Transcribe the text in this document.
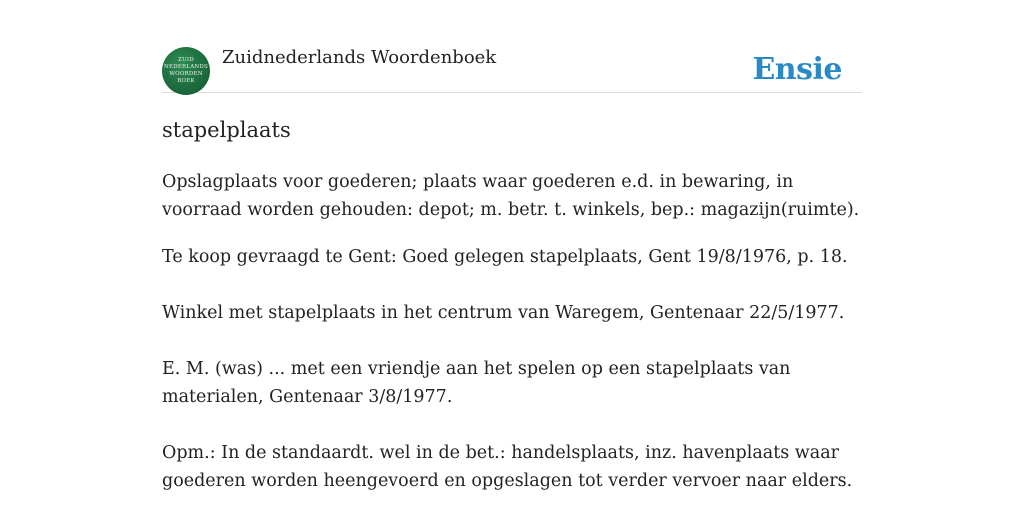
ZUID
NEDERLANDS
WOORDEN
BOEK
Zuidnederlands Woordenboek	Ensie
stapelplaats

Opslagplaats voor goederen; plaats waar goederen e.d. in bewaring, in voorraad worden gehouden: depot; m. betr. t. winkels, bep.: magazijn(ruimte).

Te koop gevraagd te Gent: Goed gelegen stapelplaats, Gent 19/8/1976, p. 18.

Winkel met stapelplaats in het centrum van Waregem, Gentenaar 22/5/1977.

E. M. (was) ... met een vriendje aan het spelen op een stapelplaats van materialen, Gentenaar 3/8/1977.

Opm.: In de standaardt. wel in de bet.: handelsplaats, inz. havenplaats waar goederen worden heengevoerd en opgeslagen tot verder vervoer naar elders.
